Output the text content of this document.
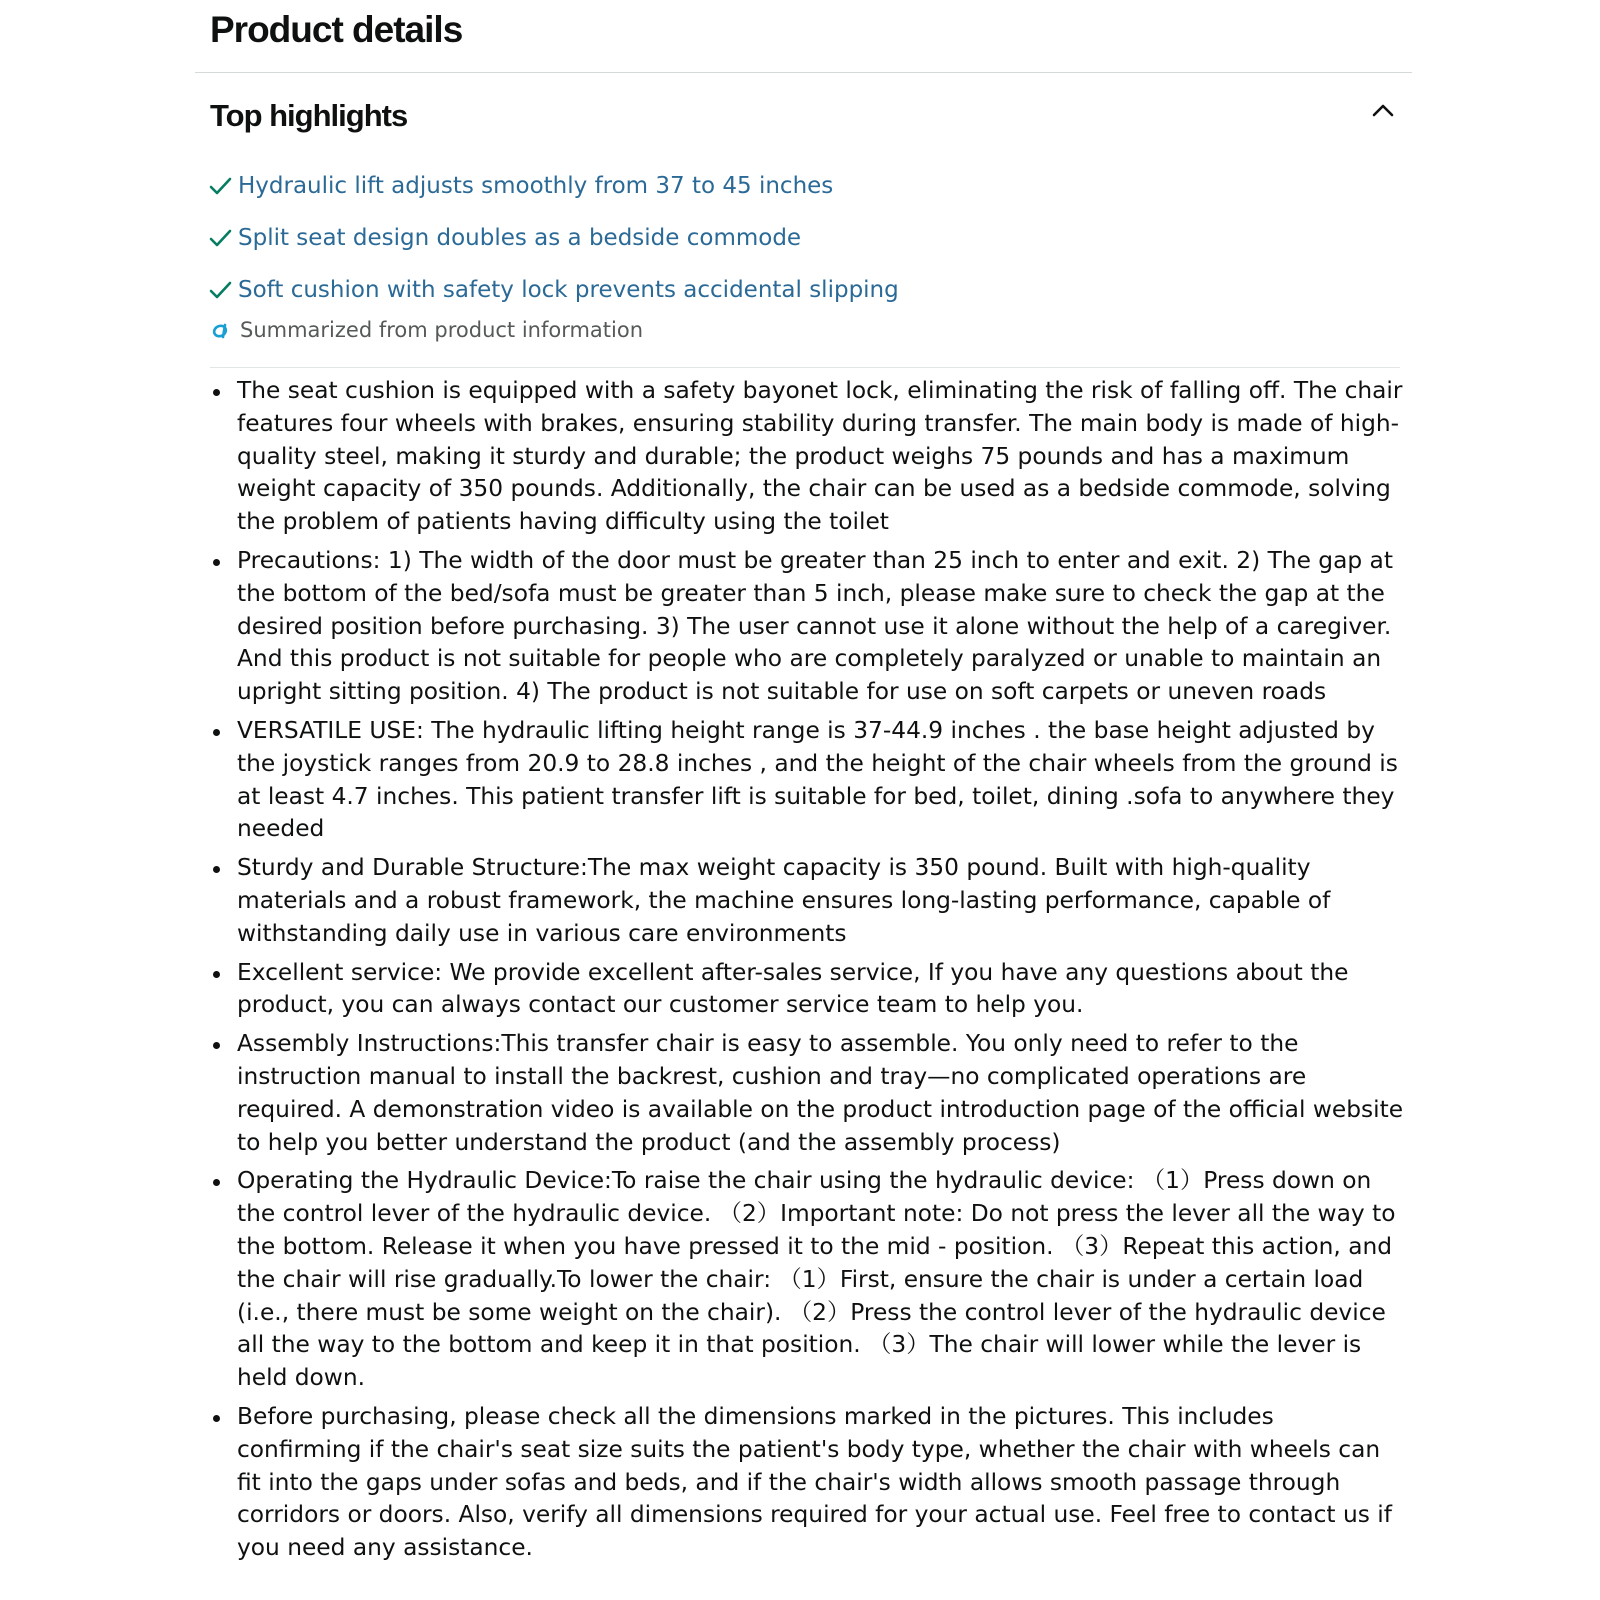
Product details
Top highlights
Hydraulic lift adjusts smoothly from 37 to 45 inches
Split seat design doubles as a bedside commode
Soft cushion with safety lock prevents accidental slipping
Summarized from product information
The seat cushion is equipped with a safety bayonet lock, eliminating the risk of falling off. The chair features four wheels with brakes, ensuring stability during transfer. The main body is made of high-quality steel, making it sturdy and durable; the product weighs 75 pounds and has a maximum weight capacity of 350 pounds. Additionally, the chair can be used as a bedside commode, solving the problem of patients having difficulty using the toilet
Precautions: 1) The width of the door must be greater than 25 inch to enter and exit. 2) The gap at the bottom of the bed/sofa must be greater than 5 inch, please make sure to check the gap at the desired position before purchasing. 3) The user cannot use it alone without the help of a caregiver. And this product is not suitable for people who are completely paralyzed or unable to maintain an upright sitting position. 4) The product is not suitable for use on soft carpets or uneven roads
VERSATILE USE: The hydraulic lifting height range is 37-44.9 inches . the base height adjusted by the joystick ranges from 20.9 to 28.8 inches , and the height of the chair wheels from the ground is at least 4.7 inches. This patient transfer lift is suitable for bed, toilet, dining .sofa to anywhere they needed
Sturdy and Durable Structure:The max weight capacity is 350 pound. Built with high-quality materials and a robust framework, the machine ensures long-lasting performance, capable of withstanding daily use in various care environments
Excellent service: We provide excellent after-sales service, If you have any questions about the product, you can always contact our customer service team to help you.
Assembly Instructions:This transfer chair is easy to assemble. You only need to refer to the instruction manual to install the backrest, cushion and tray—no complicated operations are required. A demonstration video is available on the product introduction page of the official website to help you better understand the product (and the assembly process)
Operating the Hydraulic Device:To raise the chair using the hydraulic device: （1）Press down on the control lever of the hydraulic device. （2）Important note: Do not press the lever all the way to the bottom. Release it when you have pressed it to the mid - position. （3）Repeat this action, and the chair will rise gradually.To lower the chair: （1）First, ensure the chair is under a certain load (i.e., there must be some weight on the chair). （2）Press the control lever of the hydraulic device all the way to the bottom and keep it in that position. （3）The chair will lower while the lever is held down.
Before purchasing, please check all the dimensions marked in the pictures. This includes confirming if the chair's seat size suits the patient's body type, whether the chair with wheels can fit into the gaps under sofas and beds, and if the chair's width allows smooth passage through corridors or doors. Also, verify all dimensions required for your actual use. Feel free to contact us if you need any assistance.
